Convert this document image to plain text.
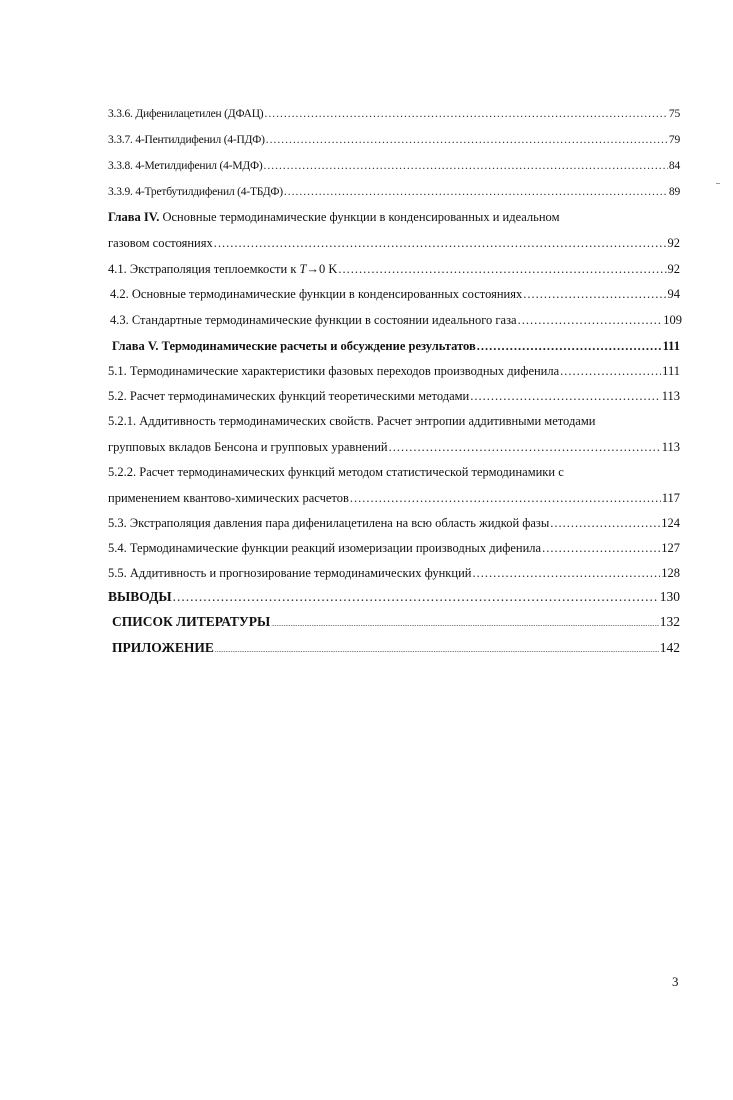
3.3.6. Дифенилацетилен (ДФАЦ) .....	75
3.3.7. 4-Пентилдифенил (4-ПДФ) .....	79
3.3.8. 4-Метилдифенил (4-МДФ) .....	84
3.3.9. 4-Третбутилдифенил (4-ТБДФ) .....	89
Глава IV. Основные термодинамические функции в конденсированных и идеальном
газовом состояниях .....	92
4.1. Экстраполяция теплоемкости к T→0 K .....	92
4.2. Основные термодинамические функции в конденсированных состояниях .....	94
4.3. Стандартные термодинамические функции в состоянии идеального газа .....	109
Глава V. Термодинамические расчеты и обсуждение результатов .....	111
5.1. Термодинамические характеристики фазовых переходов производных дифенила .....	111
5.2. Расчет термодинамических функций теоретическими методами .....	113
5.2.1. Аддитивность термодинамических свойств. Расчет энтропии аддитивными методами
групповых вкладов Бенсона и групповых уравнений .....	113
5.2.2. Расчет термодинамических функций методом статистической термодинамики с
применением квантово-химических расчетов .....	117
5.3. Экстраполяция давления пара дифенилацетилена на всю область жидкой фазы .....	124
5.4. Термодинамические функции реакций изомеризации производных дифенила .....	127
5.5. Аддитивность и прогнозирование термодинамических функций .....	128
ВЫВОДЫ .....	130
СПИСОК ЛИТЕРАТУРЫ .....	132
ПРИЛОЖЕНИЕ .....	142
3
